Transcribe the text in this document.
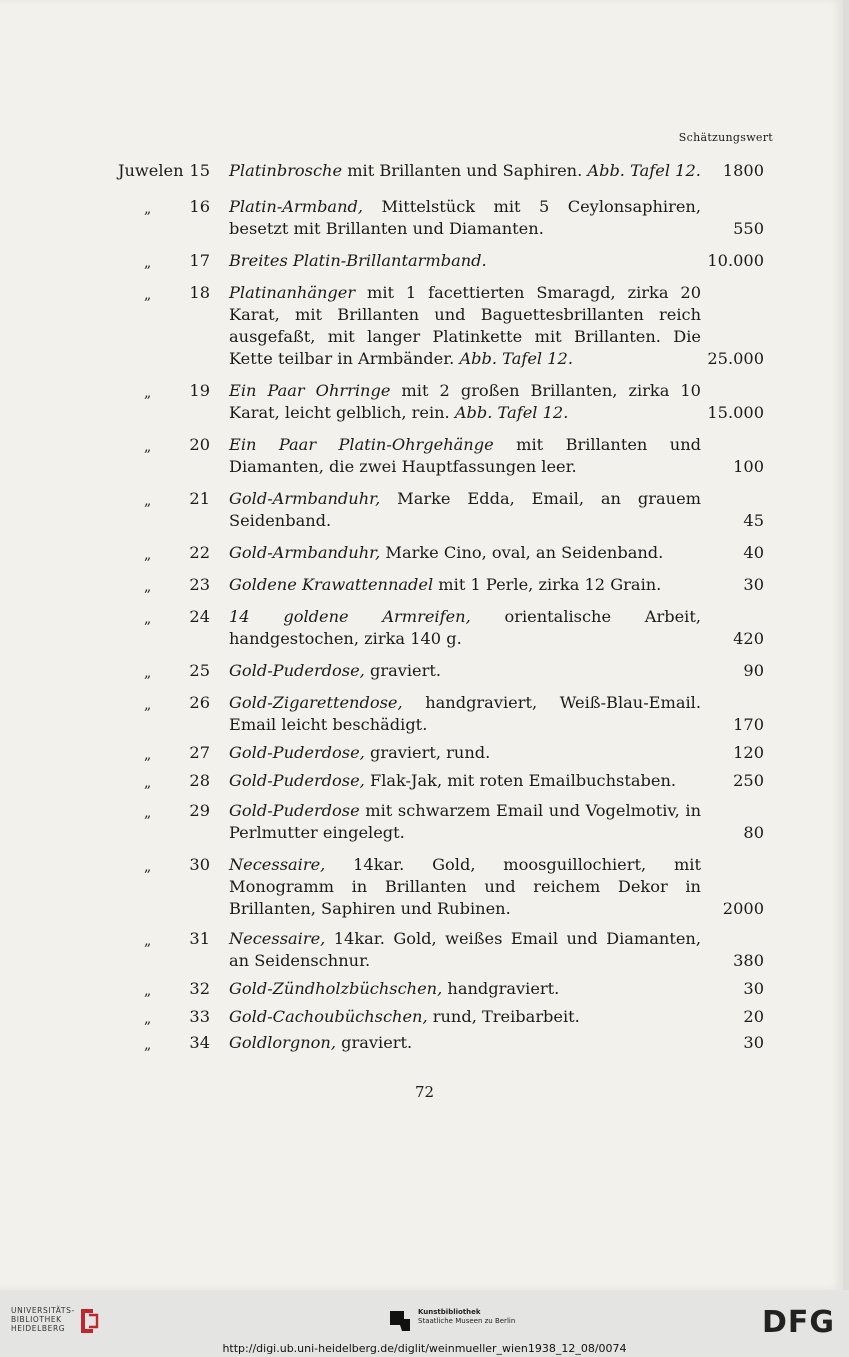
Schätzungswert
Juwelen 15 Platinbrosche mit Brillanten und Saphiren. Abb. Tafel 12. 1800
„ 16 Platin-Armband, Mittelstück mit 5 Ceylonsaphiren, besetzt mit Brillanten und Diamanten.	550
„ 17 Breites Platin-Brillantarmband.	10.000
„ 18 Platinanhänger mit 1 facettierten Smaragd, zirka 20 Karat, mit Brillanten und Baguettesbrillanten reich ausgefaßt, mit langer Platinkette mit Brillanten. Die Kette teilbar in Armbänder. Abb. Tafel 12.	25.000
„ 19 Ein Paar Ohrringe mit 2 großen Brillanten, zirka 10 Karat, leicht gelblich, rein. Abb. Tafel 12.	15.000
„ 20 Ein Paar Platin-Ohrgehänge mit Brillanten und Diamanten, die zwei Hauptfassungen leer.	100
„ 21 Gold-Armbanduhr, Marke Edda, Email, an grauem Seidenband.	45
„ 22 Gold-Armbanduhr, Marke Cino, oval, an Seidenband.	40
„ 23 Goldene Krawattennadel mit 1 Perle, zirka 12 Grain.	30
„ 24 14 goldene Armreifen, orientalische Arbeit, handgestochen, zirka 140 g.	420
„ 25 Gold-Puderdose, graviert.	90
„ 26 Gold-Zigarettendose, handgraviert, Weiß-Blau-Email. Email leicht beschädigt.	170
„ 27 Gold-Puderdose, graviert, rund.	120
„ 28 Gold-Puderdose, Flak-Jak, mit roten Emailbuchstaben.	250
„ 29 Gold-Puderdose mit schwarzem Email und Vogelmotiv, in Perlmutter eingelegt.	80
„ 30 Necessaire, 14kar. Gold, moosguillochiert, mit Monogramm in Brillanten und reichem Dekor in Brillanten, Saphiren und Rubinen.	2000
„ 31 Necessaire, 14kar. Gold, weißes Email und Diamanten, an Seidenschnur.	380
„ 32 Gold-Zündholzbüchschen, handgraviert.	30
„ 33 Gold-Cachoubüchschen, rund, Treibarbeit.	20
„ 34 Goldlorgnon, graviert.	30
72
UNIVERSITÄTS-
BIBLIOTHEK
HEIDELBERG
Kunstbibliothek
Staatliche Museen zu Berlin	DFG
http://digi.ub.uni-heidelberg.de/diglit/weinmueller_wien1938_12_08/0074
